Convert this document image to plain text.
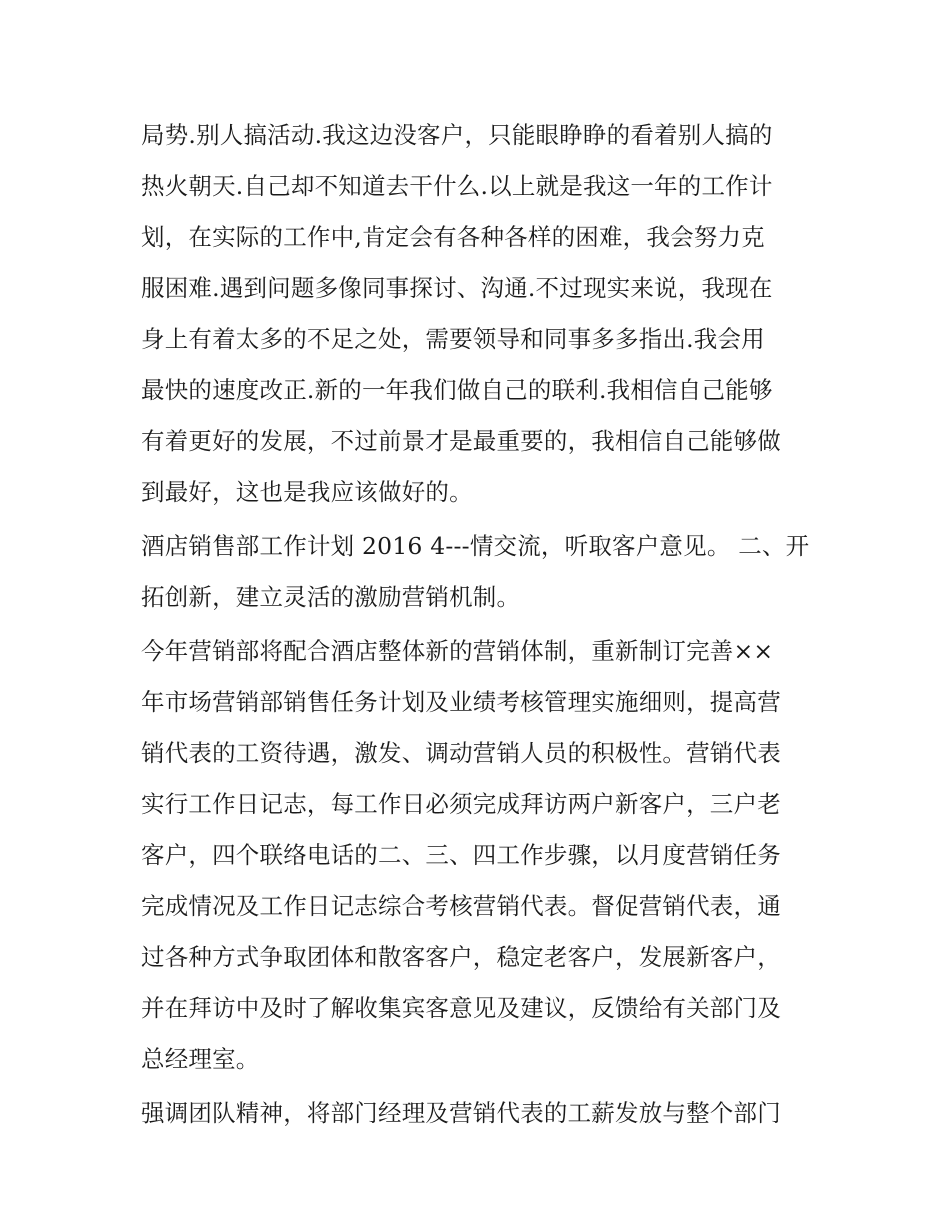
局势.别人搞活动.我这边没客户，只能眼睁睁的看着别人搞的
热火朝天.自己却不知道去干什么.以上就是我这一年的工作计
划，在实际的工作中,肯定会有各种各样的困难，我会努力克
服困难.遇到问题多像同事探讨、沟通.不过现实来说，我现在
身上有着太多的不足之处，需要领导和同事多多指出.我会用
最快的速度改正.新的一年我们做自己的联利.我相信自己能够
有着更好的发展，不过前景才是最重要的，我相信自己能够做
到最好，这也是我应该做好的。
酒店销售部工作计划 2016 4---情交流，听取客户意见。 二、开
拓创新，建立灵活的激励营销机制。
今年营销部将配合酒店整体新的营销体制，重新制订完善××
年市场营销部销售任务计划及业绩考核管理实施细则，提高营
销代表的工资待遇，激发、调动营销人员的积极性。营销代表
实行工作日记志，每工作日必须完成拜访两户新客户，三户老
客户，四个联络电话的二、三、四工作步骤，以月度营销任务
完成情况及工作日记志综合考核营销代表。督促营销代表，通
过各种方式争取团体和散客客户，稳定老客户，发展新客户，
并在拜访中及时了解收集宾客意见及建议，反馈给有关部门及
总经理室。
强调团队精神，将部门经理及营销代表的工薪发放与整个部门
